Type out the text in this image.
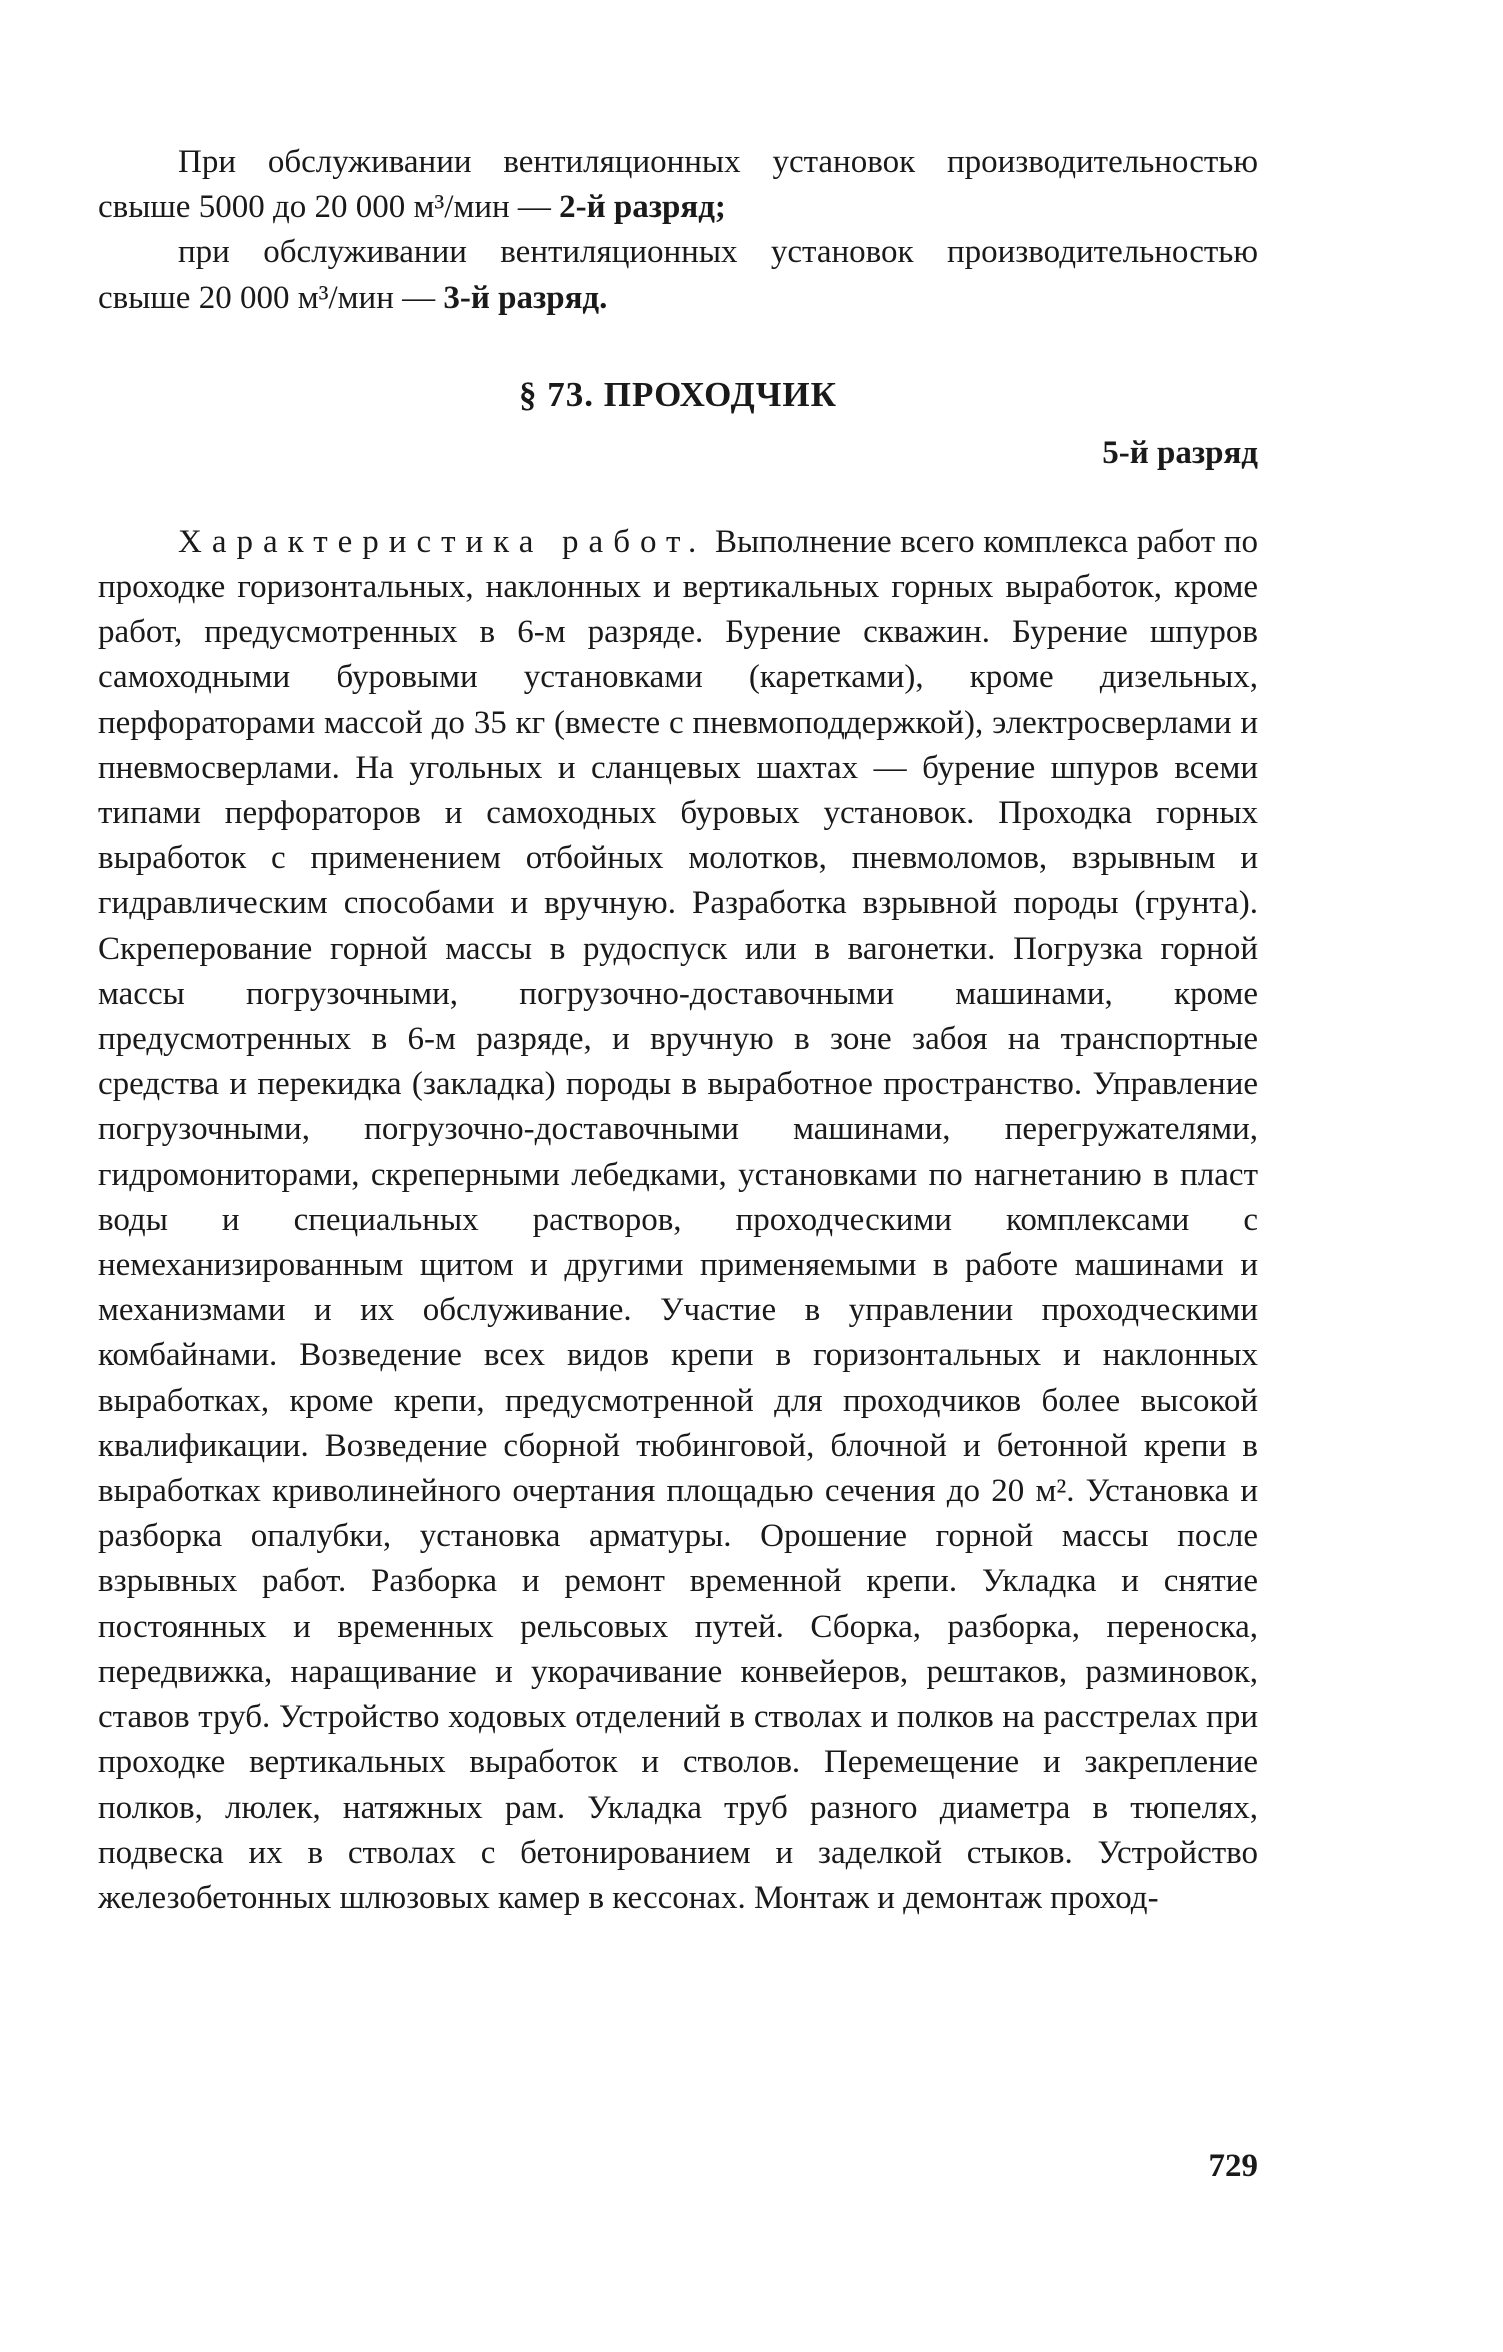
При обслуживании вентиляционных установок производительностью свыше 5000 до 20 000 м³/мин — 2-й разряд;

при обслуживании вентиляционных установок производительностью свыше 20 000 м³/мин — 3-й разряд.

§ 73. ПРОХОДЧИК
5-й разряд

Характеристика работ. Выполнение всего комплекса работ по проходке горизонтальных, наклонных и вертикальных горных выработок, кроме работ, предусмотренных в 6-м разряде. Бурение скважин. Бурение шпуров самоходными буровыми установками (каретками), кроме дизельных, перфораторами массой до 35 кг (вместе с пневмоподдержкой), электросверлами и пневмосверлами. На угольных и сланцевых шахтах — бурение шпуров всеми типами перфораторов и самоходных буровых установок. Проходка горных выработок с применением отбойных молотков, пневмоломов, взрывным и гидравлическим способами и вручную. Разработка взрывной породы (грунта). Скреперование горной массы в рудоспуск или в вагонетки. Погрузка горной массы погрузочными, погрузочно-доставочными машинами, кроме предусмотренных в 6-м разряде, и вручную в зоне забоя на транспортные средства и перекидка (закладка) породы в выработное пространство. Управление погрузочными, погрузочно-доставочными машинами, перегружателями, гидромониторами, скреперными лебедками, установками по нагнетанию в пласт воды и специальных растворов, проходческими комплексами с немеханизированным щитом и другими применяемыми в работе машинами и механизмами и их обслуживание. Участие в управлении проходческими комбайнами. Возведение всех видов крепи в горизонтальных и наклонных выработках, кроме крепи, предусмотренной для проходчиков более высокой квалификации. Возведение сборной тюбинговой, блочной и бетонной крепи в выработках криволинейного очертания площадью сечения до 20 м². Установка и разборка опалубки, установка арматуры. Орошение горной массы после взрывных работ. Разборка и ремонт временной крепи. Укладка и снятие постоянных и временных рельсовых путей. Сборка, разборка, переноска, передвижка, наращивание и укорачивание конвейеров, рештаков, разминовок, ставов труб. Устройство ходовых отделений в стволах и полков на расстрелах при проходке вертикальных выработок и стволов. Перемещение и закрепление полков, люлек, натяжных рам. Укладка труб разного диаметра в тюпелях, подвеска их в стволах с бетонированием и заделкой стыков. Устройство железобетонных шлюзовых камер в кессонах. Монтаж и демонтаж проход-

729
